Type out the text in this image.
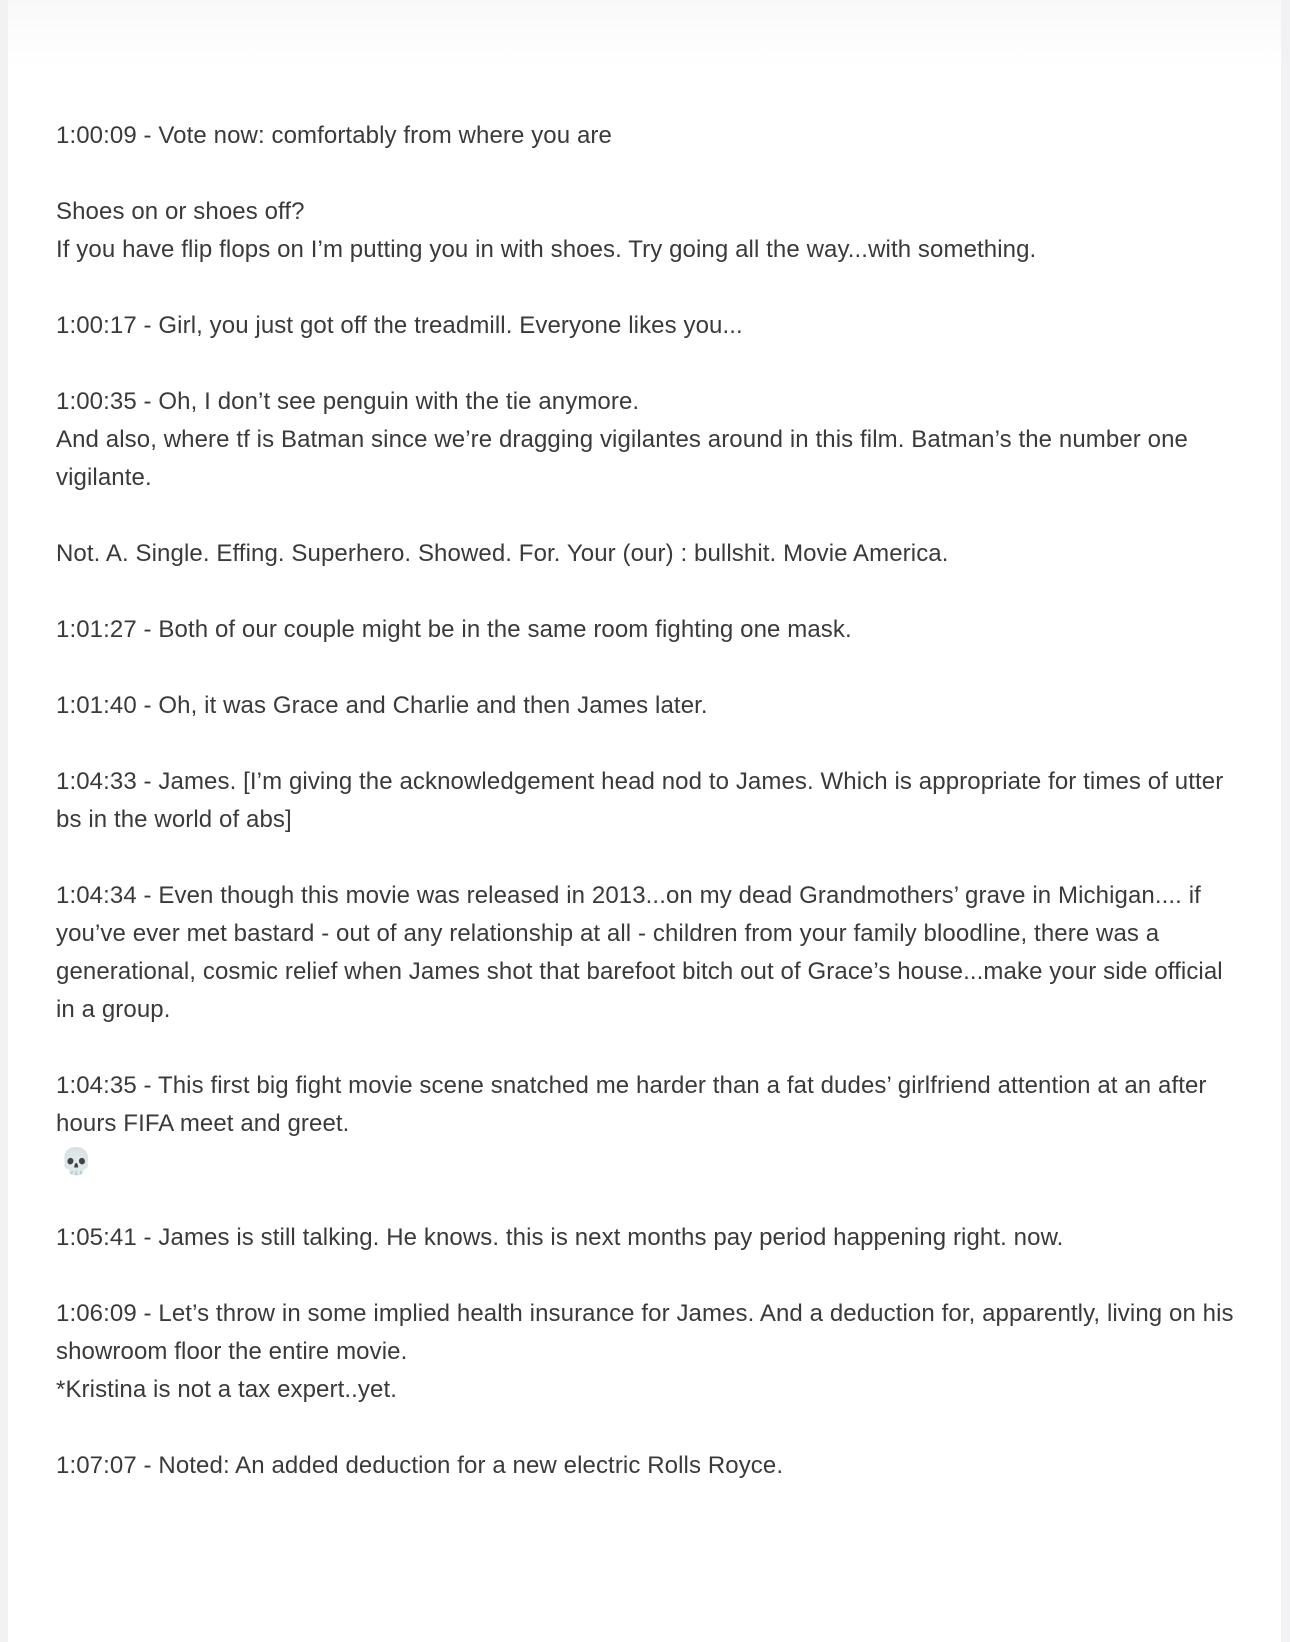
1:00:09 - Vote now: comfortably from where you are

Shoes on or shoes off?
If you have flip flops on I’m putting you in with shoes. Try going all the way...with something.

1:00:17 - Girl, you just got off the treadmill. Everyone likes you...

1:00:35 - Oh, I don’t see penguin with the tie anymore.
And also, where tf is Batman since we’re dragging vigilantes around in this film. Batman’s the number one vigilante.

Not. A. Single. Effing. Superhero. Showed. For. Your (our) : bullshit. Movie America.

1:01:27 - Both of our couple might be in the same room fighting one mask.

1:01:40 - Oh, it was Grace and Charlie and then James later.

1:04:33 - James. [I’m giving the acknowledgement head nod to James. Which is appropriate for times of utter bs in the world of abs]

1:04:34 - Even though this movie was released in 2013...on my dead Grandmothers’ grave in Michigan.... if you’ve ever met bastard - out of any relationship at all - children from your family bloodline, there was a generational, cosmic relief when James shot that barefoot bitch out of Grace’s house...make your side official in a group.

1:04:35 - This first big fight movie scene snatched me harder than a fat dudes’ girlfriend attention at an after hours FIFA meet and greet.
💀

1:05:41 - James is still talking. He knows. this is next months pay period happening right. now.

1:06:09 - Let’s throw in some implied health insurance for James. And a deduction for, apparently, living on his showroom floor the entire movie.
*Kristina is not a tax expert..yet.

1:07:07 - Noted: An added deduction for a new electric Rolls Royce.
